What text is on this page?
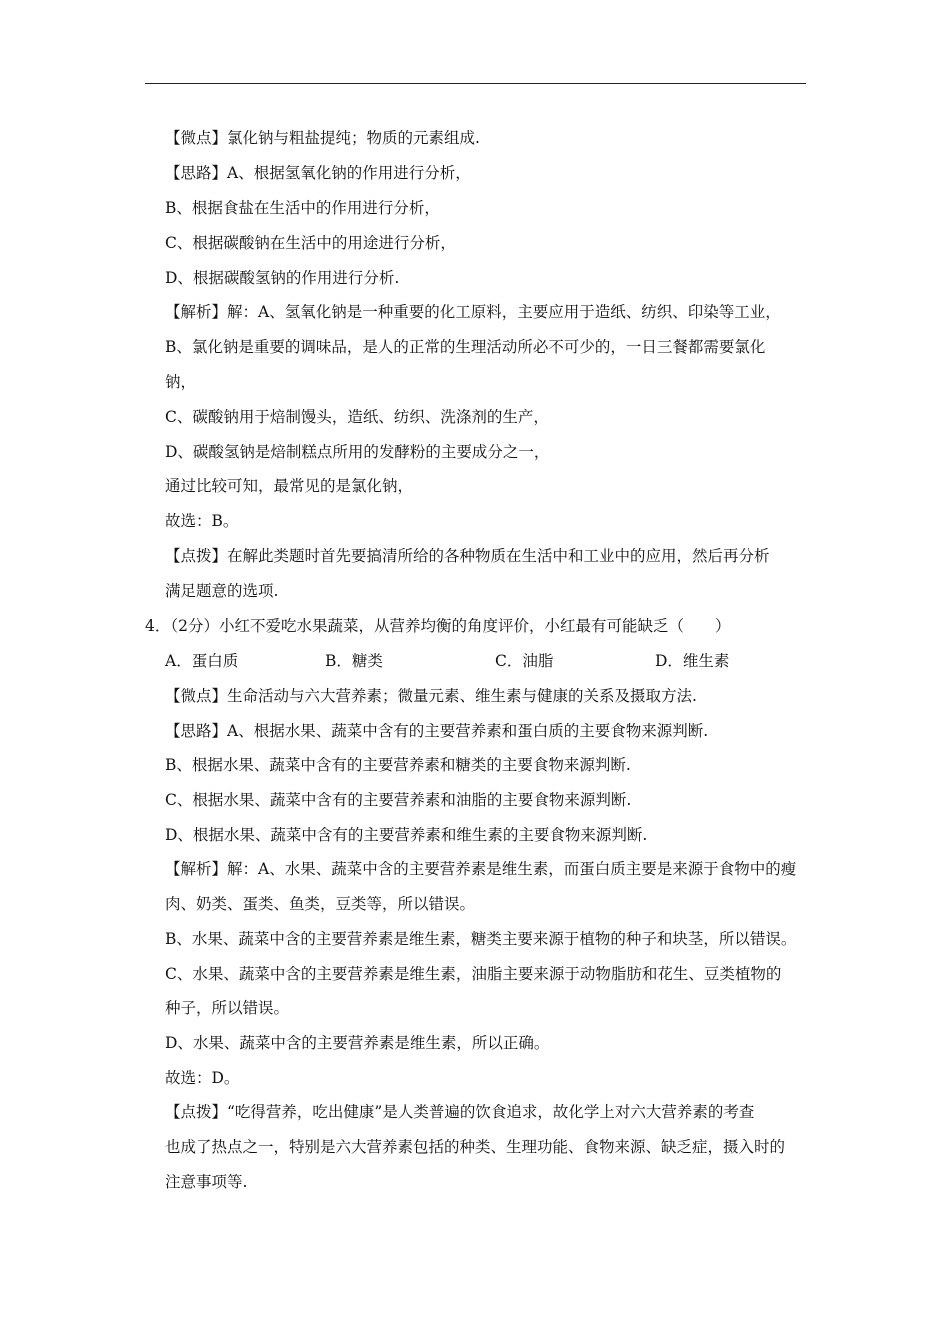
【微点】氯化钠与粗盐提纯；物质的元素组成.
【思路】A、根据氢氧化钠的作用进行分析，
B、根据食盐在生活中的作用进行分析，
C、根据碳酸钠在生活中的用途进行分析，
D、根据碳酸氢钠的作用进行分析.
【解析】解：A、氢氧化钠是一种重要的化工原料，主要应用于造纸、纺织、印染等工业，
B、氯化钠是重要的调味品，是人的正常的生理活动所必不可少的，一日三餐都需要氯化
钠，
C、碳酸钠用于焙制馒头，造纸、纺织、洗涤剂的生产，
D、碳酸氢钠是焙制糕点所用的发酵粉的主要成分之一，
通过比较可知，最常见的是氯化钠，
故选：B。
【点拨】在解此类题时首先要搞清所给的各种物质在生活中和工业中的应用，然后再分析
满足题意的选项.
4．（2分）小红不爱吃水果蔬菜，从营养均衡的角度评价，小红最有可能缺乏（　　）
A．蛋白质	B．糖类	C．油脂	D．维生素
【微点】生命活动与六大营养素；微量元素、维生素与健康的关系及摄取方法.
【思路】A、根据水果、蔬菜中含有的主要营养素和蛋白质的主要食物来源判断.
B、根据水果、蔬菜中含有的主要营养素和糖类的主要食物来源判断.
C、根据水果、蔬菜中含有的主要营养素和油脂的主要食物来源判断.
D、根据水果、蔬菜中含有的主要营养素和维生素的主要食物来源判断.
【解析】解：A、水果、蔬菜中含的主要营养素是维生素，而蛋白质主要是来源于食物中的瘦
肉、奶类、蛋类、鱼类，豆类等，所以错误。
B、水果、蔬菜中含的主要营养素是维生素，糖类主要来源于植物的种子和块茎，所以错误。
C、水果、蔬菜中含的主要营养素是维生素，油脂主要来源于动物脂肪和花生、豆类植物的
种子，所以错误。
D、水果、蔬菜中含的主要营养素是维生素，所以正确。
故选：D。
【点拨】“吃得营养，吃出健康”是人类普遍的饮食追求，故化学上对六大营养素的考查
也成了热点之一，特别是六大营养素包括的种类、生理功能、食物来源、缺乏症，摄入时的
注意事项等.
